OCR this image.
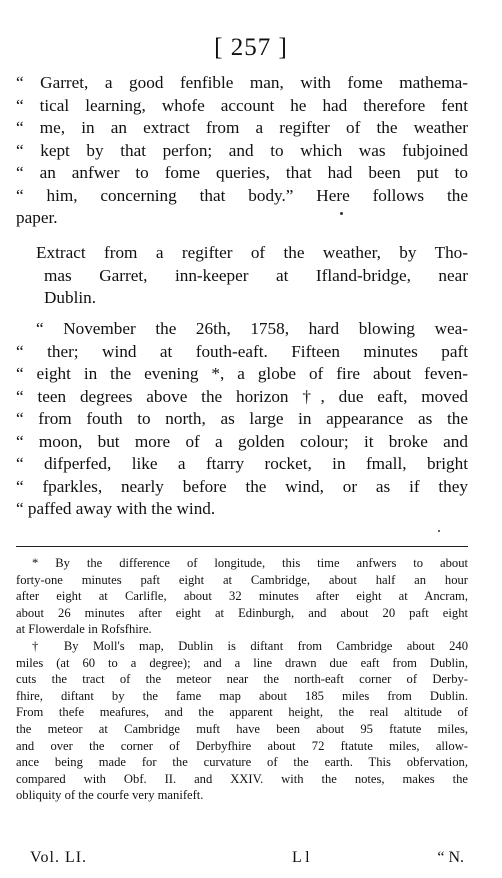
[ 257 ]
“ Garret, a good fenfible man, with fome mathema-
“ tical learning, whofe account he had therefore fent
“ me, in an extract from a regifter of the weather
“ kept by that perfon; and to which was fubjoined
“ an anfwer to fome queries, that had been put to
“ him, concerning that body.” Here follows the
paper.
Extract from a regifter of the weather, by Tho-
mas Garret, inn-keeper at Ifland-bridge, near
Dublin.
“ November the 26th, 1758, hard blowing wea-
“ ther; wind at fouth-eaft. Fifteen minutes paft
“ eight in the evening *, a globe of fire about feven-
“ teen degrees above the horizon †, due eaft, moved
“ from fouth to north, as large in appearance as the
“ moon, but more of a golden colour; it broke and
“ difperfed, like a ftarry rocket, in fmall, bright
“ fparkles, nearly before the wind, or as if they
“ paffed away with the wind.
* By the difference of longitude, this time anfwers to about
forty-one minutes paft eight at Cambridge, about half an hour
after eight at Carlifle, about 32 minutes after eight at Ancram,
about 26 minutes after eight at Edinburgh, and about 20 paft eight
at Flowerdale in Rofsfhire.
† By Moll's map, Dublin is diftant from Cambridge about 240
miles (at 60 to a degree); and a line drawn due eaft from Dublin,
cuts the tract of the meteor near the north-eaft corner of Derby-
fhire, diftant by the fame map about 185 miles from Dublin.
From thefe meafures, and the apparent height, the real altitude of
the meteor at Cambridge muft have been about 95 ftatute miles,
and over the corner of Derbyfhire about 72 ftatute miles, allow-
ance being made for the curvature of the earth. This obfervation,
compared with Obf. II. and XXIV. with the notes, makes the
obliquity of the courfe very manifeft.
Vol. LI.	L l	“ N.
